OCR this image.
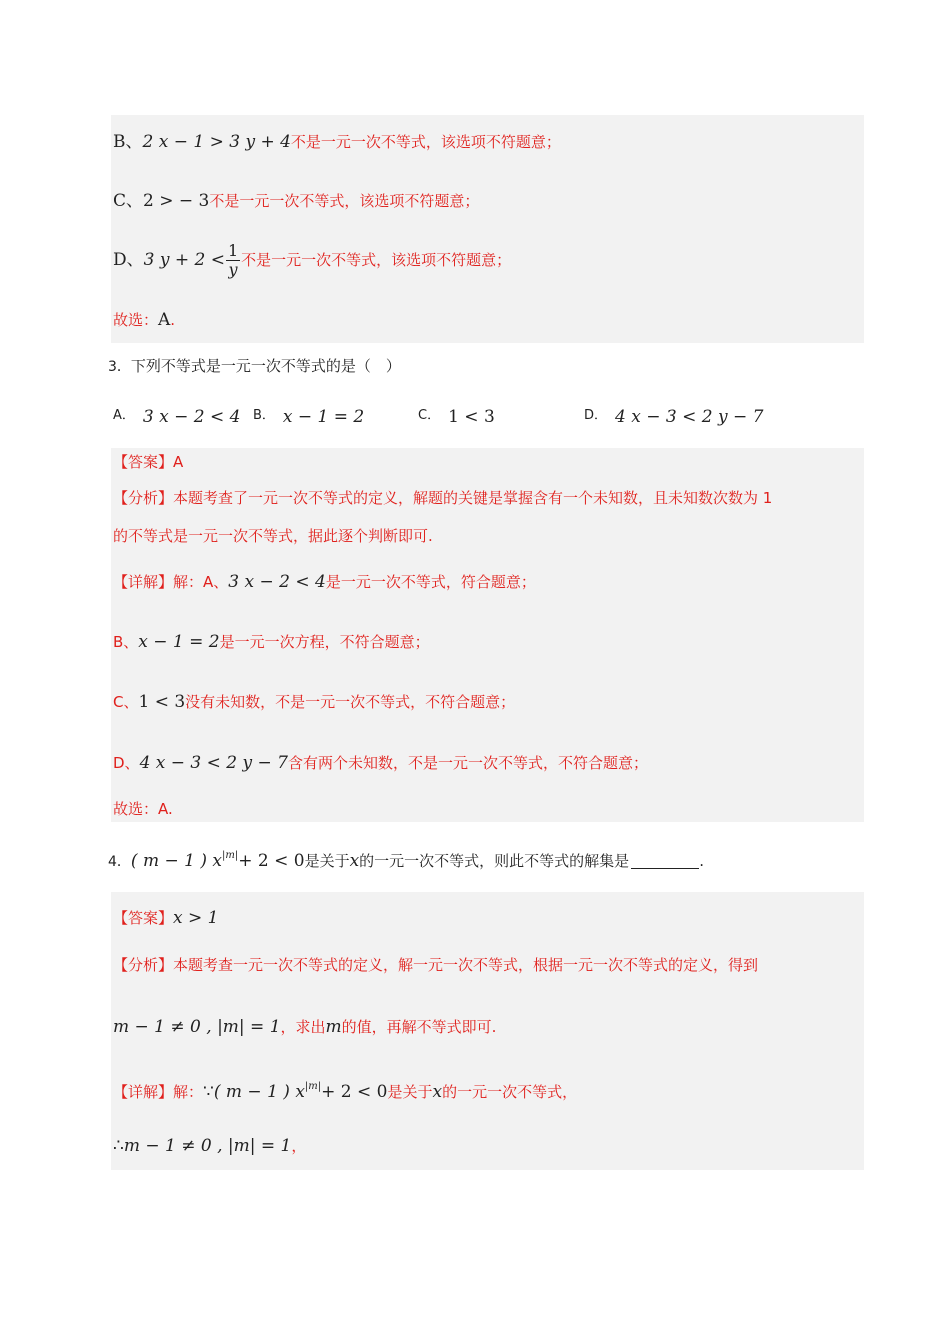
B、2 x − 1 > 3 y + 4不是一元一次不等式，该选项不符题意；
C、2 > − 3不是一元一次不等式，该选项不符题意；
D、3 $y + 2 < \frac{1}{y}$ 不是一元一次不等式，该选项不符题意；
故选：A.
3．下列不等式是一元一次不等式的是（　）
A． 3 x − 2 < 4 B． x − 1 = 2	C． 1 < 3	D． 4 x − 3 < 2 y − 7
【答案】A
【分析】本题考查了一元一次不等式的定义，解题的关键是掌握含有一个未知数，且未知数次数为 1
的不等式是一元一次不等式，据此逐个判断即可.
【详解】解：A、3 x − 2 < 4是一元一次不等式，符合题意；
B、x − 1 = 2是一元一次方程，不符合题意；
C、1 < 3没有未知数，不是一元一次不等式，不符合题意；
D、4 x − 3 < 2 y − 7含有两个未知数，不是一元一次不等式，不符合题意；
故选：A.
4．( m − 1 ) $x^{|m|}+ 2 < 0$是关于x的一元一次不等式，则此不等式的解集是	.
【答案】x > 1
【分析】本题考查一元一次不等式的定义，解一元一次不等式，根据一元一次不等式的定义，得到
m − 1 ≠ 0 , |m| = 1，求出m的值，再解不等式即可.
【详解】解：∵( m − 1 ) $x^{|m|}+ 2 < 0$是关于x的一元一次不等式，
∴m − 1 ≠ 0 , |m| = 1，
